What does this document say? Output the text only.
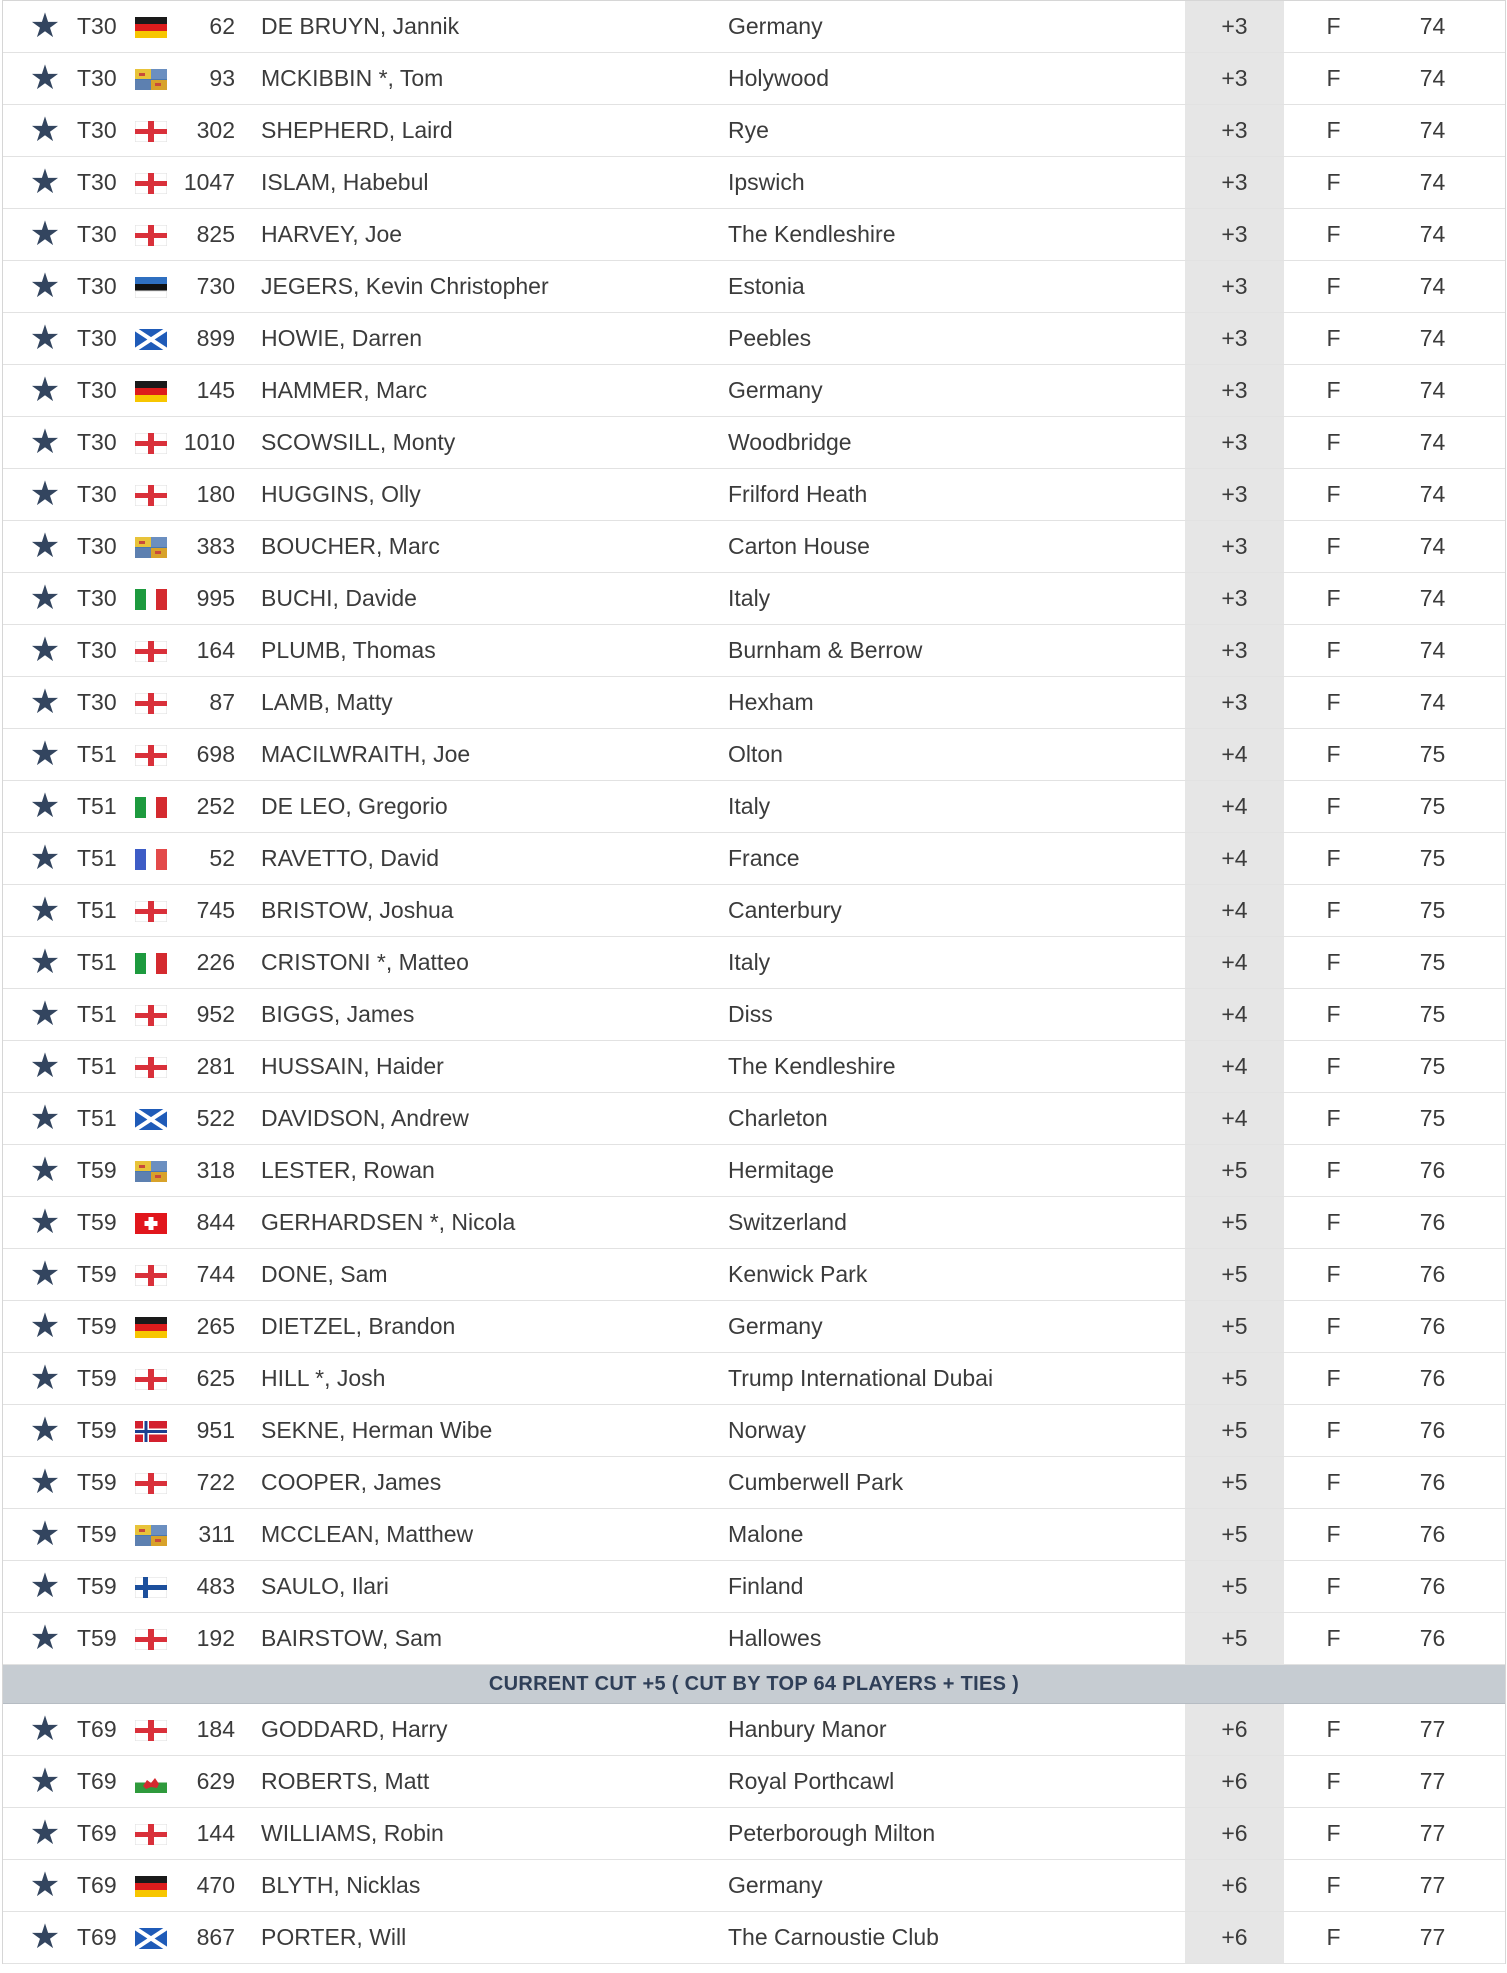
★ T30	62 DE BRUYN, Jannik	Germany	+3	F	74
★ T30	93 MCKIBBIN *, Tom	Holywood	+3	F	74
★ T30	302 SHEPHERD, Laird	Rye	+3	F	74
★ T30	1047 ISLAM, Habebul	Ipswich	+3	F	74
★ T30	825 HARVEY, Joe	The Kendleshire	+3	F	74
★ T30	730 JEGERS, Kevin Christopher	Estonia	+3	F	74
★ T30	899 HOWIE, Darren	Peebles	+3	F	74
★ T30	145 HAMMER, Marc	Germany	+3	F	74
★ T30	1010 SCOWSILL, Monty	Woodbridge	+3	F	74
★ T30	180 HUGGINS, Olly	Frilford Heath	+3	F	74
★ T30	383 BOUCHER, Marc	Carton House	+3	F	74
★ T30	995 BUCHI, Davide	Italy	+3	F	74
★ T30	164 PLUMB, Thomas	Burnham & Berrow	+3	F	74
★ T30	87 LAMB, Matty	Hexham	+3	F	74
★ T51	698 MACILWRAITH, Joe	Olton	+4	F	75
★ T51	252 DE LEO, Gregorio	Italy	+4	F	75
★ T51	52 RAVETTO, David	France	+4	F	75
★ T51	745 BRISTOW, Joshua	Canterbury	+4	F	75
★ T51	226 CRISTONI *, Matteo	Italy	+4	F	75
★ T51	952 BIGGS, James	Diss	+4	F	75
★ T51	281 HUSSAIN, Haider	The Kendleshire	+4	F	75
★ T51	522 DAVIDSON, Andrew	Charleton	+4	F	75
★ T59	318 LESTER, Rowan	Hermitage	+5	F	76
★ T59	844 GERHARDSEN *, Nicola	Switzerland	+5	F	76
★ T59	744 DONE, Sam	Kenwick Park	+5	F	76
★ T59	265 DIETZEL, Brandon	Germany	+5	F	76
★ T59	625 HILL *, Josh	Trump International Dubai	+5	F	76
★ T59	951 SEKNE, Herman Wibe	Norway	+5	F	76
★ T59	722 COOPER, James	Cumberwell Park	+5	F	76
★ T59	311 MCCLEAN, Matthew	Malone	+5	F	76
★ T59	483 SAULO, Ilari	Finland	+5	F	76
★ T59	192 BAIRSTOW, Sam	Hallowes	+5	F	76
CURRENT CUT +5 ( CUT BY TOP 64 PLAYERS + TIES )
★ T69	184 GODDARD, Harry	Hanbury Manor	+6	F	77
★ T69	629 ROBERTS, Matt	Royal Porthcawl	+6	F	77
★ T69	144 WILLIAMS, Robin	Peterborough Milton	+6	F	77
★ T69	470 BLYTH, Nicklas	Germany	+6	F	77
★ T69	867 PORTER, Will	The Carnoustie Club	+6	F	77
